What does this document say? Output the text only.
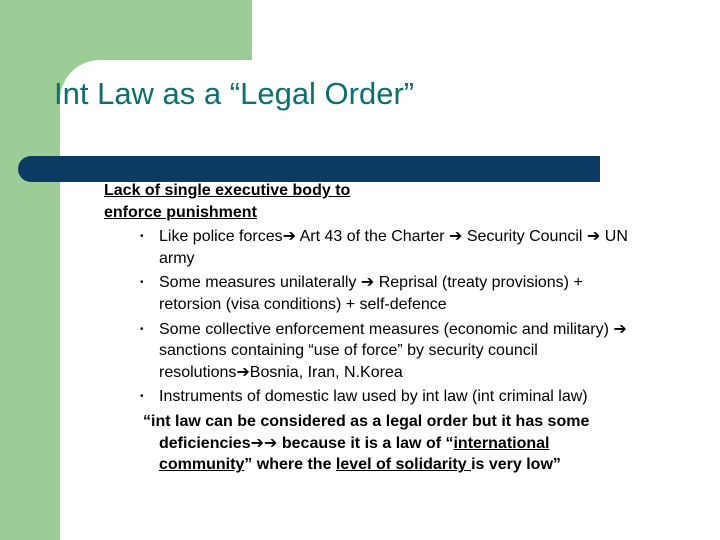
Int Law as a “Legal Order”
Lack of single executive body to enforce punishment
• Like police forces➔ Art 43 of the Charter ➔ Security Council ➔ UN army
• Some measures unilaterally ➔ Reprisal (treaty provisions) + retorsion (visa conditions) + self-defence
• Some collective enforcement measures (economic and military) ➔ sanctions containing “use of force” by security council resolutions➔Bosnia, Iran, N.Korea
• Instruments of domestic law used by int law (int criminal law)
“int law can be considered as a legal order but it has some deficiencies➔➔ because it is a law of “international community” where the level of solidarity is very low”
